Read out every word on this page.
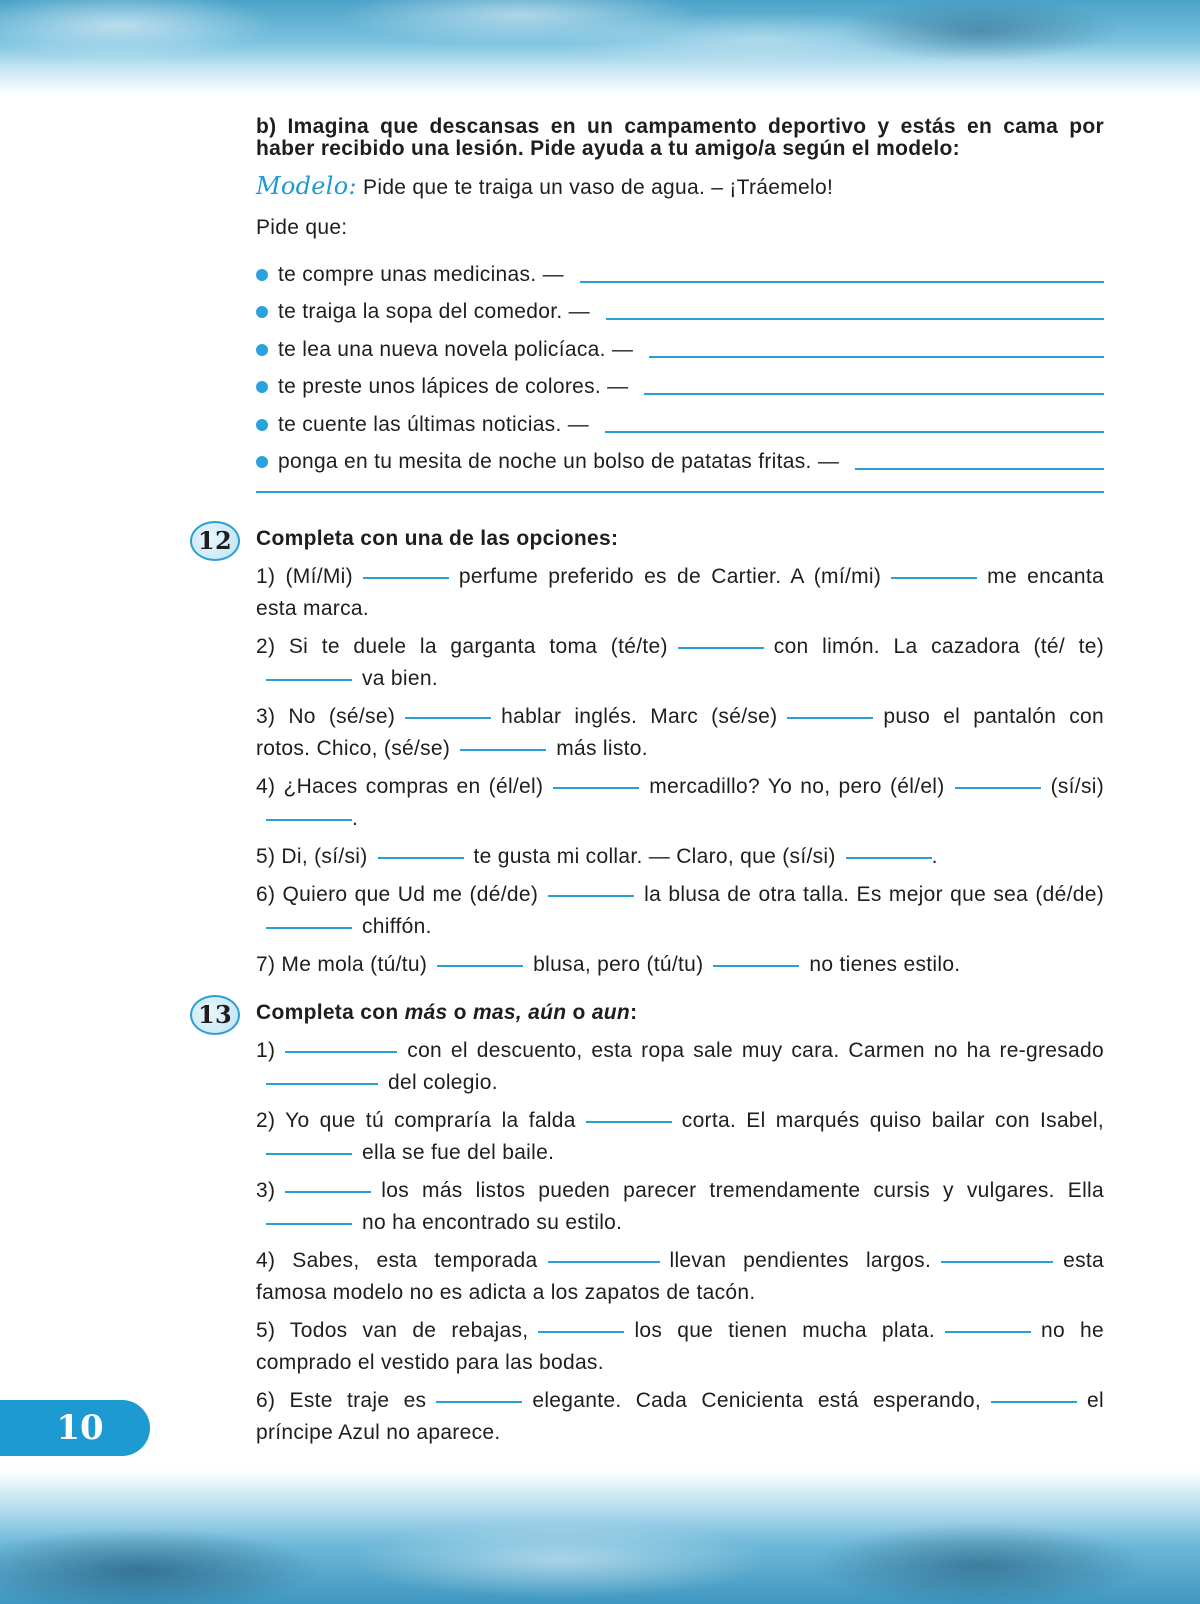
10
b) Imagina que descansas en un campamento deportivo y estás en cama por haber recibido una lesión. Pide ayuda a tu amigo/a según el modelo:
Modelo: Pide que te traiga un vaso de agua. – ¡Tráemelo!
Pide que:
te compre unas medicinas. —
te traiga la sopa del comedor. —
te lea una nueva novela policíaca. —
te preste unos lápices de colores. —
te cuente las últimas noticias. —
ponga en tu mesita de noche un bolso de patatas fritas. —
12	Completa con una de las opciones:
1) (Mí/Mi)	perfume preferido es de Cartier. A (mí/mi)	me encanta esta marca.
2) Si te duele la garganta toma (té/te)	con limón. La cazadora (té/ te)va bien.
3) No (sé/se)	hablar inglés. Marc (sé/se)	puso el pantalón con rotos. Chico, (sé/se)	más listo.
4) ¿Haces compras en (él/el)	mercadillo? Yo no, pero (él/el)	(sí/si).
5) Di, (sí/si)	te gusta mi collar. — Claro, que (sí/si)	.
6) Quiero que Ud me (dé/de)	la blusa de otra talla. Es mejor que sea (dé/de)chiffón.
7) Me mola (tú/tu)	blusa, pero (tú/tu)	no tienes estilo.
13	Completa con más o mas, aún o aun:
1)	con el descuento, esta ropa sale muy cara. Carmen no ha re-gresadodel colegio.
2) Yo que tú compraría la falda	corta. El marqués quiso bailar con Isabel,ella se fue del baile.
3)	los más listos pueden parecer tremendamente cursis y vulgares. Ellano ha encontrado su estilo.
4) Sabes, esta temporada	llevan pendientes largos.	esta famosa modelo no es adicta a los zapatos de tacón.
5) Todos van de rebajas,	los que tienen mucha plata.	no he comprado el vestido para las bodas.
6) Este traje es	elegante. Cada Cenicienta está esperando,	el príncipe Azul no aparece.
